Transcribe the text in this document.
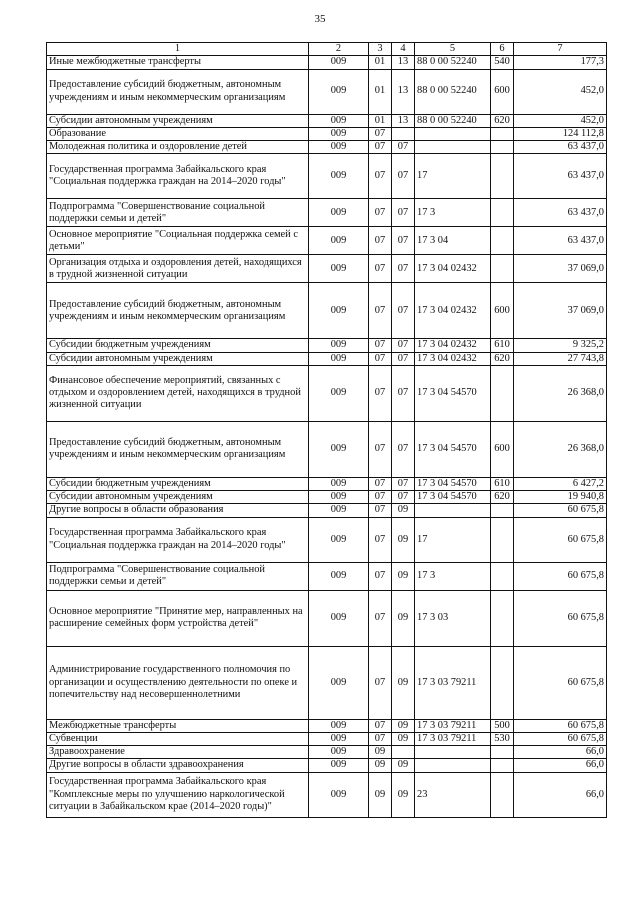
35
1	2	3	4	5	6	7
Иные межбюджетные трансферты	009	01	13	88 0 00 52240	540	177,3
Предоставление субсидий бюджетным, автономным учреждениям и иным некоммерческим организациям	009	01	13	88 0 00 52240	600	452,0
Субсидии автономным учреждениям	009	01	13	88 0 00 52240	620	452,0
Образование	009	07				124 112,8
Молодежная политика и оздоровление детей	009	07	07			63 437,0
Государственная программа Забайкальского края "Социальная поддержка граждан на 2014–2020 годы"	009	07	07	17		63 437,0
Подпрограмма "Совершенствование социальной поддержки семьи и детей"	009	07	07	17 3		63 437,0
Основное мероприятие "Социальная поддержка семей с детьми"	009	07	07	17 3 04		63 437,0
Организация отдыха и оздоровления детей, находящихся в трудной жизненной ситуации	009	07	07	17 3 04 02432		37 069,0
Предоставление субсидий бюджетным, автономным учреждениям и иным некоммерческим организациям	009	07	07	17 3 04 02432	600	37 069,0
Субсидии бюджетным учреждениям	009	07	07	17 3 04 02432	610	9 325,2
Субсидии автономным учреждениям	009	07	07	17 3 04 02432	620	27 743,8
Финансовое обеспечение мероприятий, связанных с отдыхом и оздоровлением детей, находящихся в трудной жизненной ситуации	009	07	07	17 3 04 54570		26 368,0
Предоставление субсидий бюджетным, автономным учреждениям и иным некоммерческим организациям	009	07	07	17 3 04 54570	600	26 368,0
Субсидии бюджетным учреждениям	009	07	07	17 3 04 54570	610	6 427,2
Субсидии автономным учреждениям	009	07	07	17 3 04 54570	620	19 940,8
Другие вопросы в области образования	009	07	09			60 675,8
Государственная программа Забайкальского края "Социальная поддержка граждан на 2014–2020 годы"	009	07	09	17		60 675,8
Подпрограмма "Совершенствование социальной поддержки семьи и детей"	009	07	09	17 3		60 675,8
Основное мероприятие "Принятие мер, направленных на расширение семейных форм устройства детей"	009	07	09	17 3 03		60 675,8
Администрирование государственного полномочия по организации и осуществлению деятельности по опеке и попечительству над несовершеннолетними	009	07	09	17 3 03 79211		60 675,8
Межбюджетные трансферты	009	07	09	17 3 03 79211	500	60 675,8
Субвенции	009	07	09	17 3 03 79211	530	60 675,8
Здравоохранение	009	09				66,0
Другие вопросы в области здравоохранения	009	09	09			66,0
Государственная программа Забайкальского края "Комплексные меры по улучшению наркологической ситуации в Забайкальском крае (2014–2020 годы)"	009	09	09	23		66,0
